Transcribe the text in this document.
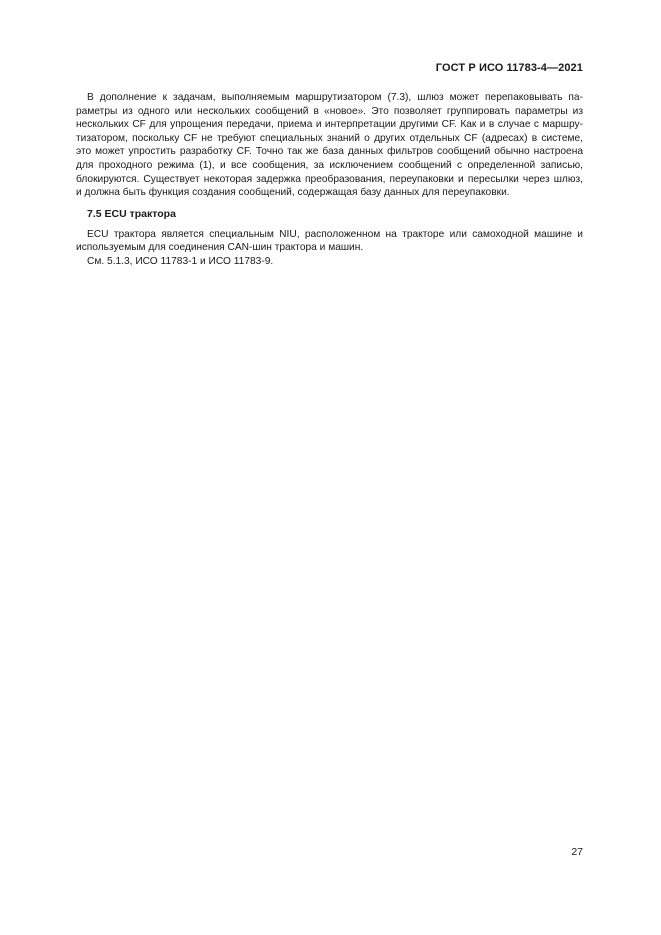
ГОСТ Р ИСО 11783-4—2021
В дополнение к задачам, выполняемым маршрутизатором (7.3), шлюз может перепаковывать па-
раметры из одного или нескольких сообщений в «новое». Это позволяет группировать параметры из
нескольких CF для упрощения передачи, приема и интерпретации другими CF. Как и в случае с маршру-
тизатором, поскольку CF не требуют специальных знаний о других отдельных CF (адресах) в системе,
это может упростить разработку CF. Точно так же база данных фильтров сообщений обычно настроена
для проходного режима (1), и все сообщения, за исключением сообщений с определенной записью,
блокируются. Существует некоторая задержка преобразования, переупаковки и пересылки через шлюз,
и должна быть функция создания сообщений, содержащая базу данных для переупаковки.
7.5 ECU трактора
ECU трактора является специальным NIU, расположенном на тракторе или самоходной машине и
используемым для соединения CAN-шин трактора и машин.
См. 5.1.3, ИСО 11783-1 и ИСО 11783-9.
27
